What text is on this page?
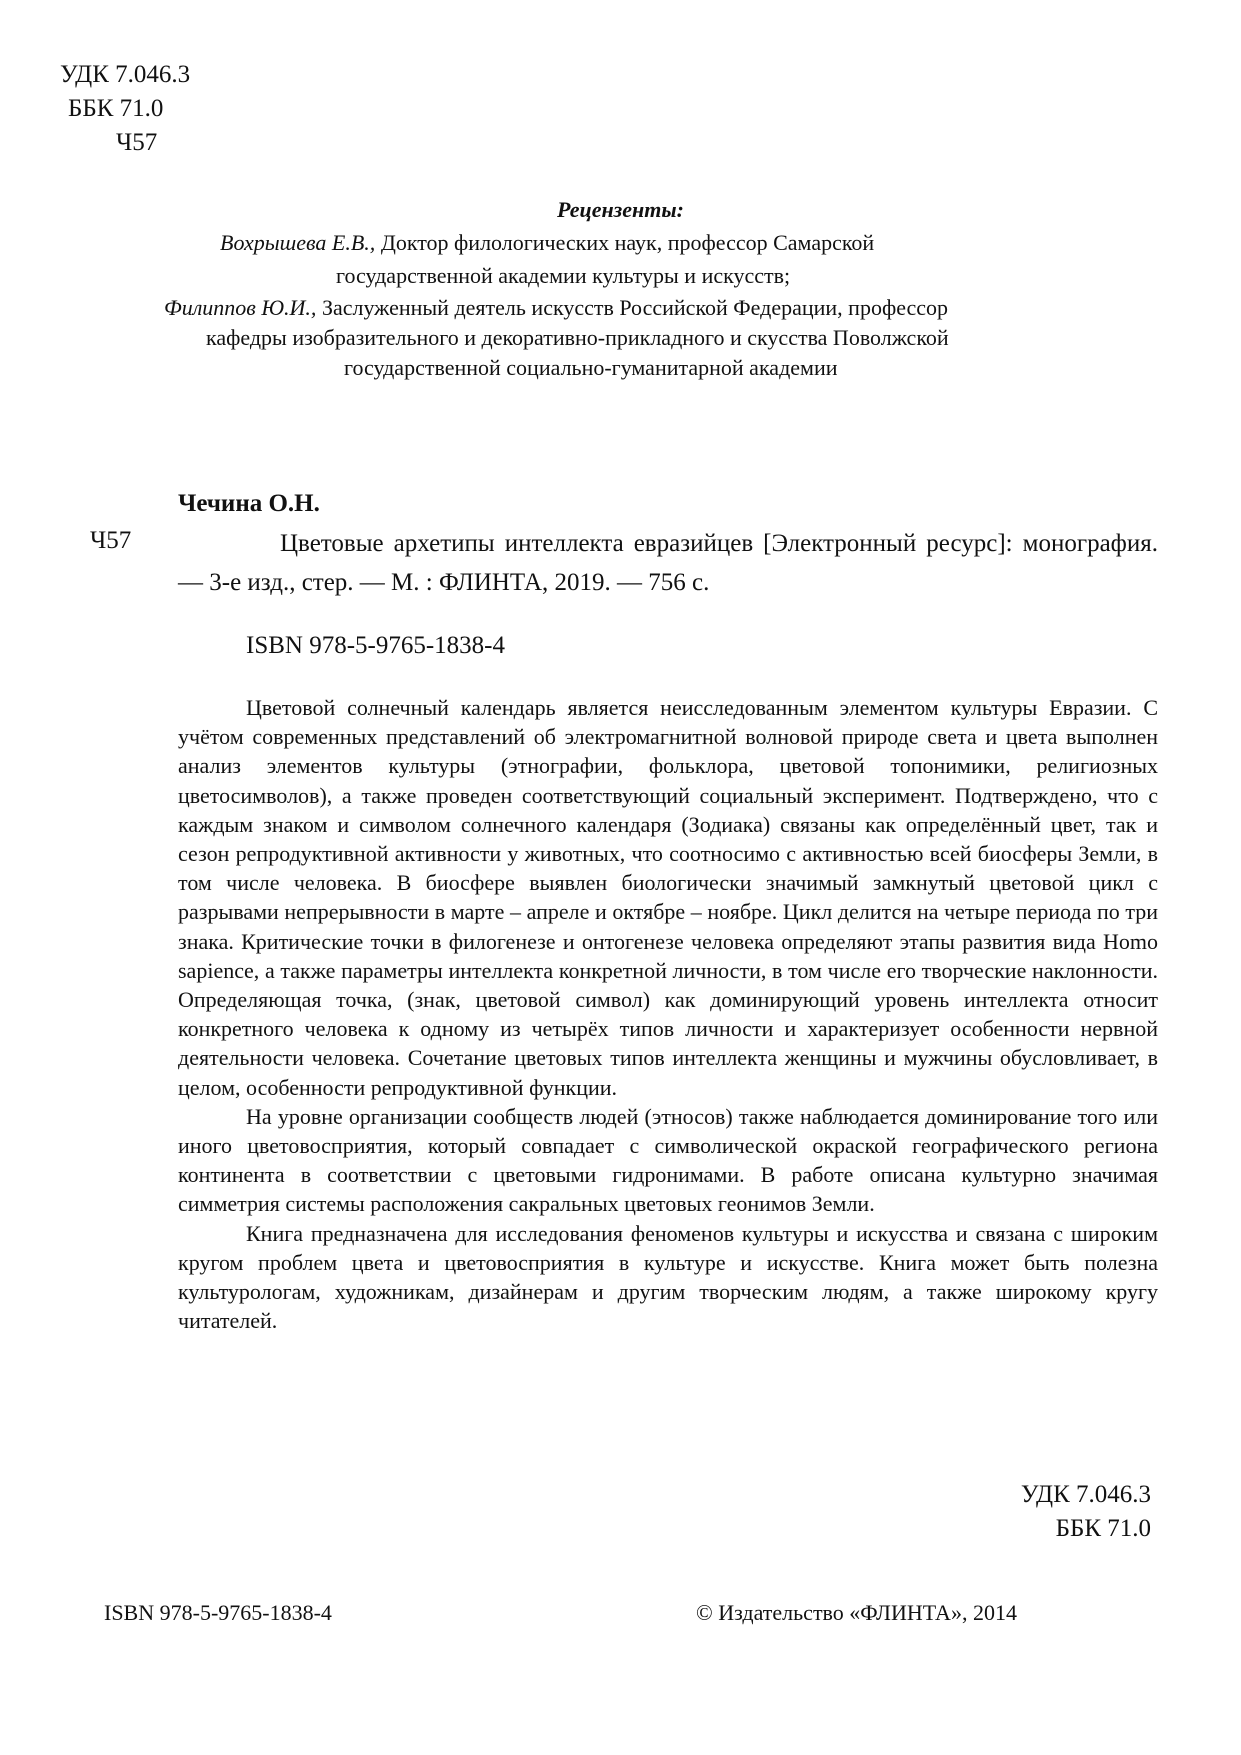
УДК 7.046.3
ББК 71.0
Ч57
Рецензенты:
Вохрышева Е.В., Доктор филологических наук, профессор Самарской
государственной академии культуры и искусств;
Филиппов Ю.И., Заслуженный деятель искусств Российской Федерации, профессор
кафедры изобразительного и декоративно-прикладного и скусства Поволжской
государственной социально-гуманитарной академии
Чечина О.Н.
Ч57	Цветовые архетипы интеллекта евразийцев [Электронный ресурс]: монография. — 3-е изд., стер. — М. : ФЛИНТА, 2019. — 756 с.
ISBN 978-5-9765-1838-4

Цветовой солнечный календарь является неисследованным элементом культуры Евразии. С учётом современных представлений об электромагнитной волновой природе света и цвета выполнен анализ элементов культуры (этнографии, фольклора, цветовой топонимики, религиозных цветосимволов), а также проведен соответствующий социальный эксперимент. Подтверждено, что с каждым знаком и символом солнечного календаря (Зодиака) связаны как определённый цвет, так и сезон репродуктивной активности у животных, что соотносимо с активностью всей биосферы Земли, в том числе человека. В биосфере выявлен биологически значимый замкнутый цветовой цикл с разрывами непрерывности в марте – апреле и октябре – ноябре. Цикл делится на четыре периода по три знака. Критические точки в филогенезе и онтогенезе человека определяют этапы развития вида Homo sapience, а также параметры интеллекта конкретной личности, в том числе его творческие наклонности. Определяющая точка, (знак, цветовой символ) как доминирующий уровень интеллекта относит конкретного человека к одному из четырёх типов личности и характеризует особенности нервной деятельности человека. Сочетание цветовых типов интеллекта женщины и мужчины обусловливает, в целом, особенности репродуктивной функции.

На уровне организации сообществ людей (этносов) также наблюдается доминирование того или иного цветовосприятия, который совпадает с символической окраской географического региона континента в соответствии с цветовыми гидронимами. В работе описана культурно значимая симметрия системы расположения сакральных цветовых геонимов Земли.

Книга предназначена для исследования феноменов культуры и искусства и связана с широким кругом проблем цвета и цветовосприятия в культуре и искусстве. Книга может быть полезна культурологам, художникам, дизайнерам и другим творческим людям, а также широкому кругу читателей.

УДК 7.046.3
ББК 71.0
ISBN 978-5-9765-1838-4	© Издательство «ФЛИНТА», 2014
